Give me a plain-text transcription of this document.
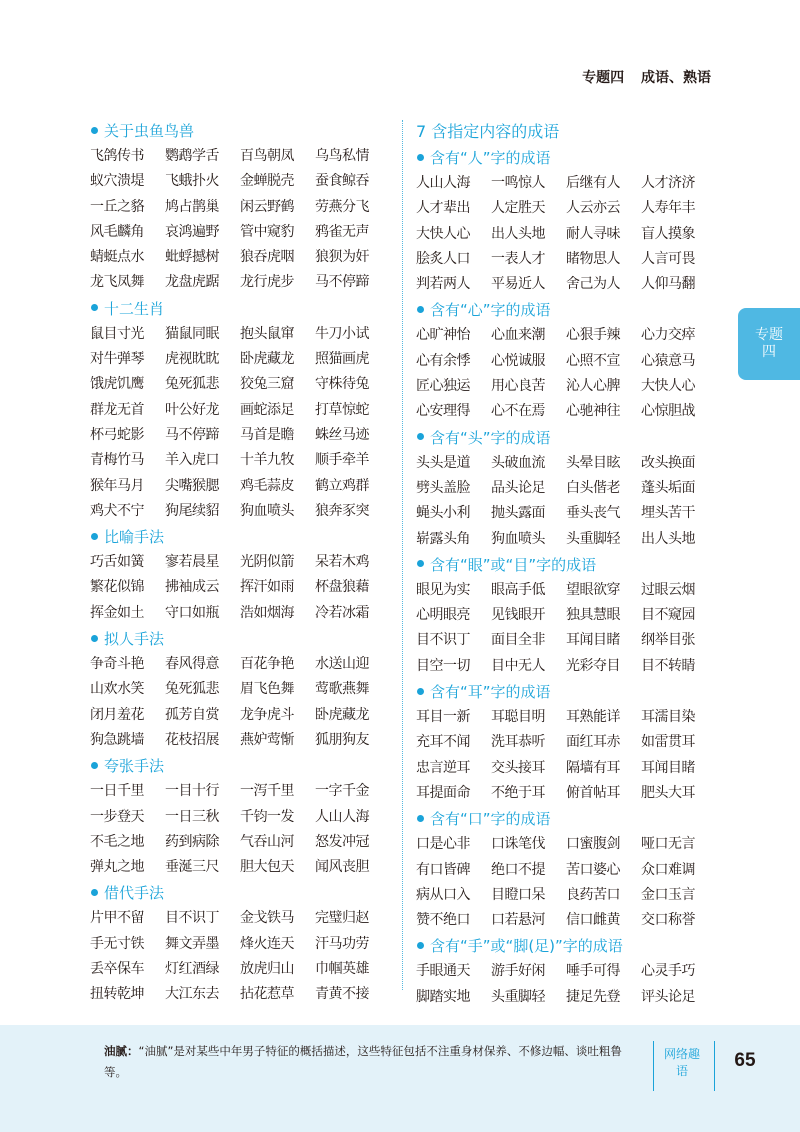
专题四 成语、熟语
关于虫鱼鸟兽
飞鸽传书	鹦鹉学舌	百鸟朝凤	乌鸟私情
蚁穴溃堤	飞蛾扑火	金蝉脱壳	蚕食鲸吞
一丘之貉	鸠占鹊巢	闲云野鹤	劳燕分飞
风毛麟角	哀鸿遍野	管中窥豹	鸦雀无声
蜻蜓点水	蚍蜉撼树	狼吞虎咽	狼狈为奸
龙飞凤舞	龙盘虎踞	龙行虎步	马不停蹄
十二生肖
鼠目寸光	猫鼠同眠	抱头鼠窜	牛刀小试
对牛弹琴	虎视眈眈	卧虎藏龙	照猫画虎
饿虎饥鹰	兔死狐悲	狡兔三窟	守株待兔
群龙无首	叶公好龙	画蛇添足	打草惊蛇
杯弓蛇影	马不停蹄	马首是瞻	蛛丝马迹
青梅竹马	羊入虎口	十羊九牧	顺手牵羊
猴年马月	尖嘴猴腮	鸡毛蒜皮	鹤立鸡群
鸡犬不宁	狗尾续貂	狗血喷头	狼奔豕突
比喻手法
巧舌如簧	寥若晨星	光阴似箭	呆若木鸡
繁花似锦	拂袖成云	挥汗如雨	杯盘狼藉
挥金如土	守口如瓶	浩如烟海	冷若冰霜
拟人手法
争奇斗艳	春风得意	百花争艳	水送山迎
山欢水笑	兔死狐悲	眉飞色舞	莺歌燕舞
闭月羞花	孤芳自赏	龙争虎斗	卧虎藏龙
狗急跳墙	花枝招展	燕妒莺惭	狐朋狗友
夸张手法
一日千里	一目十行	一泻千里	一字千金
一步登天	一日三秋	千钧一发	人山人海
不毛之地	药到病除	气吞山河	怒发冲冠
弹丸之地	垂涎三尺	胆大包天	闻风丧胆
借代手法
片甲不留	目不识丁	金戈铁马	完璧归赵
手无寸铁	舞文弄墨	烽火连天	汗马功劳
丢卒保车	灯红酒绿	放虎归山	巾帼英雄
扭转乾坤	大江东去	拈花惹草	青黄不接
7 含指定内容的成语
含有“人”字的成语
人山人海	一鸣惊人	后继有人	人才济济
人才辈出	人定胜天	人云亦云	人寿年丰
大快人心	出人头地	耐人寻味	盲人摸象
脍炙人口	一表人才	睹物思人	人言可畏
判若两人	平易近人	舍己为人	人仰马翻
含有“心”字的成语
心旷神怡	心血来潮	心狠手辣	心力交瘁
心有余悸	心悦诚服	心照不宣	心猿意马
匠心独运	用心良苦	沁人心脾	大快人心
心安理得	心不在焉	心驰神往	心惊胆战
含有“头”字的成语
头头是道	头破血流	头晕目眩	改头换面
劈头盖脸	品头论足	白头偕老	蓬头垢面
蝇头小利	抛头露面	垂头丧气	埋头苦干
崭露头角	狗血喷头	头重脚轻	出人头地
含有“眼”或“目”字的成语
眼见为实	眼高手低	望眼欲穿	过眼云烟
心明眼亮	见钱眼开	独具慧眼	目不窥园
目不识丁	面目全非	耳闻目睹	纲举目张
目空一切	目中无人	光彩夺目	目不转睛
含有“耳”字的成语
耳目一新	耳聪目明	耳熟能详	耳濡目染
充耳不闻	洗耳恭听	面红耳赤	如雷贯耳
忠言逆耳	交头接耳	隔墙有耳	耳闻目睹
耳提面命	不绝于耳	俯首帖耳	肥头大耳
含有“口”字的成语
口是心非	口诛笔伐	口蜜腹剑	哑口无言
有口皆碑	绝口不提	苦口婆心	众口难调
病从口入	目瞪口呆	良药苦口	金口玉言
赞不绝口	口若悬河	信口雌黄	交口称誉
含有“手”或“脚(足)”字的成语
手眼通天	游手好闲	唾手可得	心灵手巧
脚踏实地	头重脚轻	捷足先登	评头论足
专题四
油腻：“油腻”是对某些中年男子特征的概括描述，这些特征包括不注重身材保养、不修边幅、谈吐粗鲁等。
网络趣语	65
